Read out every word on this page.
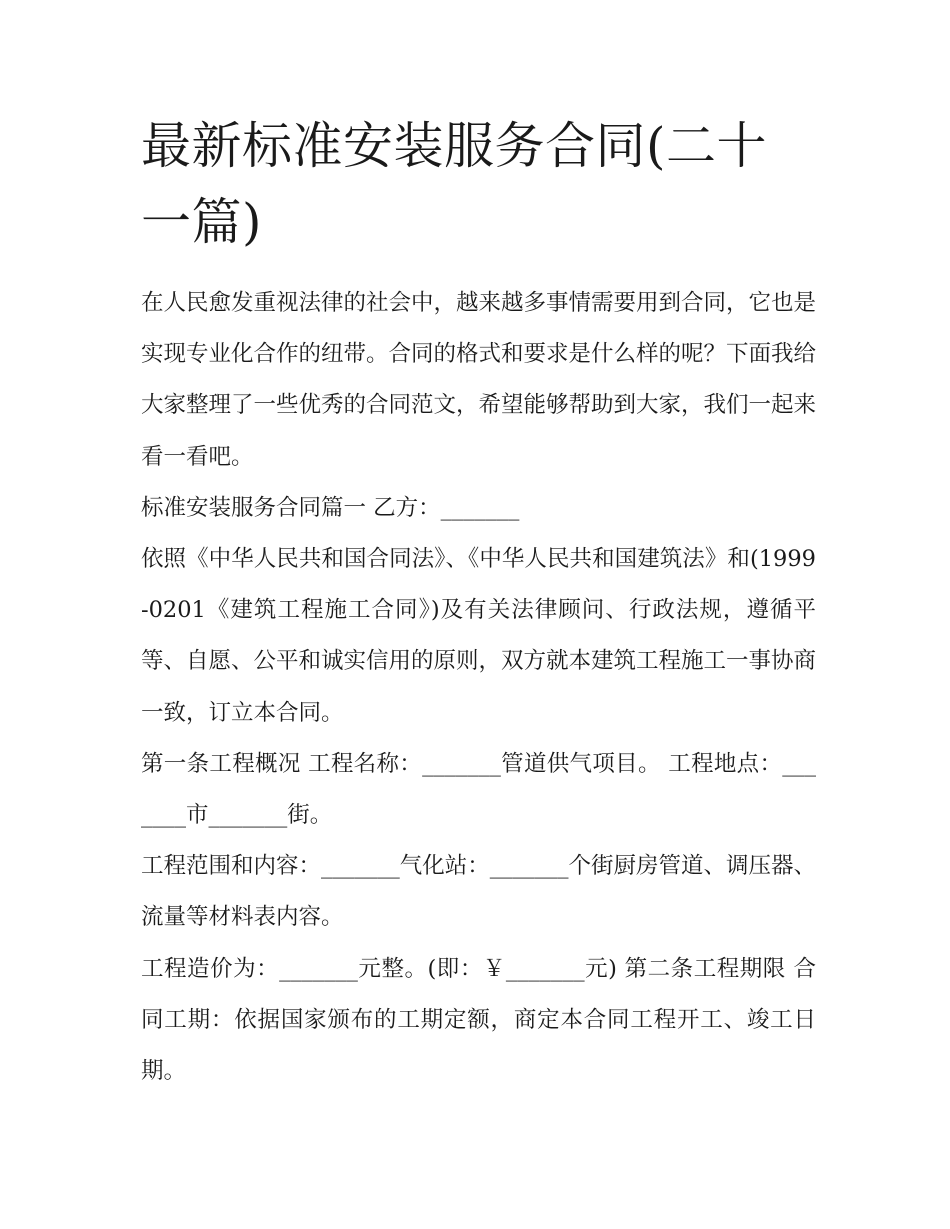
最新标准安装服务合同(二十一篇)

在人民愈发重视法律的社会中，越来越多事情需要用到合同，它也是实现专业化合作的纽带。合同的格式和要求是什么样的呢？下面我给大家整理了一些优秀的合同范文，希望能够帮助到大家，我们一起来看一看吧。

标准安装服务合同篇一 乙方：_______

依照《中华人民共和国合同法》、《中华人民共和国建筑法》和(1999-0201《建筑工程施工合同》)及有关法律顾问、行政法规，遵循平等、自愿、公平和诚实信用的原则，双方就本建筑工程施工一事协商一致，订立本合同。

第一条工程概况 工程名称：_______管道供气项目。 工程地点：_______市_______街。

工程范围和内容：_______气化站：_______个街厨房管道、调压器、流量等材料表内容。

工程造价为：_______元整。(即：￥_______元) 第二条工程期限 合同工期：依据国家颁布的工期定额，商定本合同工程开工、竣工日期。
